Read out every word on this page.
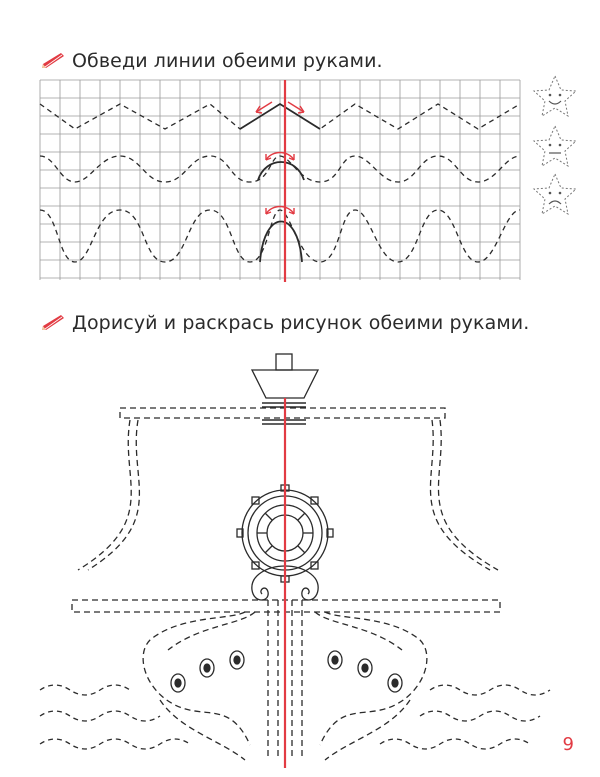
Обведи линии обеими руками.
Дорисуй и раскрась рисунок обеими руками.
9
